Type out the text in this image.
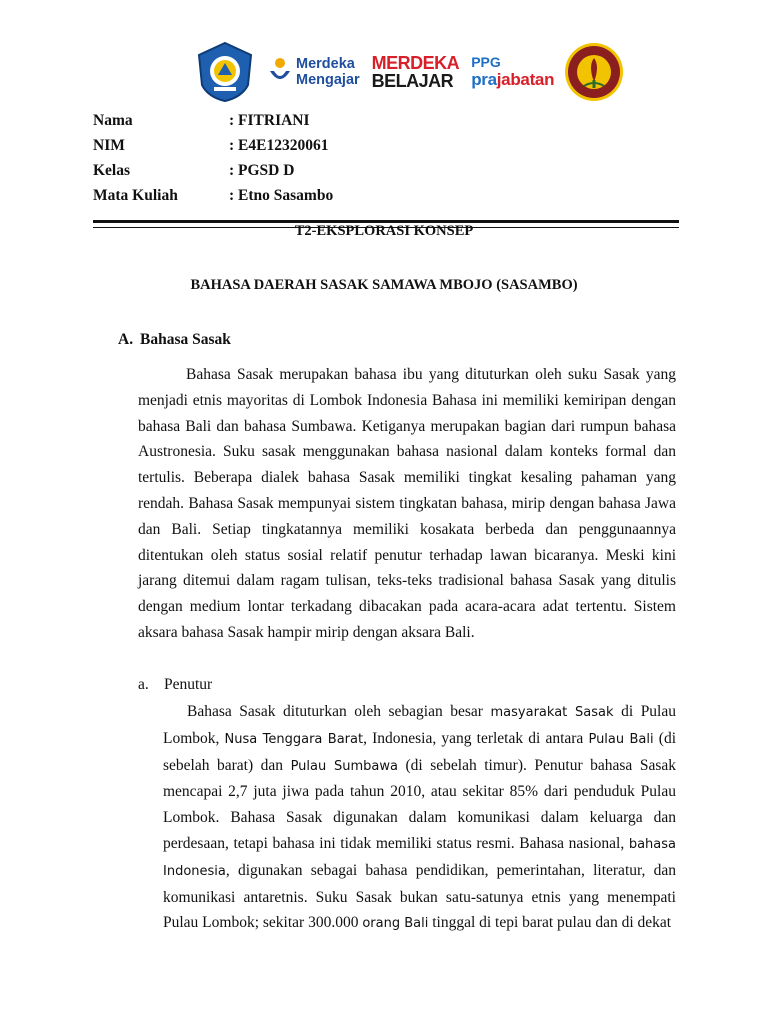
Merdeka
Mengajar
MERDEKA
BELAJAR
PPG
prajabatan
Nama	: FITRIANI
NIM	: E4E12320061
Kelas	: PGSD D
Mata Kuliah	: Etno Sasambo
T2-EKSPLORASI KONSEP
BAHASA DAERAH SASAK SAMAWA MBOJO (SASAMBO)
A. Bahasa Sasak

Bahasa Sasak merupakan bahasa ibu yang dituturkan oleh suku Sasak yang menjadi etnis mayoritas di Lombok Indonesia Bahasa ini memiliki kemiripan dengan bahasa Bali dan bahasa Sumbawa. Ketiganya merupakan bagian dari rumpun bahasa Austronesia. Suku sasak menggunakan bahasa nasional dalam konteks formal dan tertulis. Beberapa dialek bahasa Sasak memiliki tingkat kesaling pahaman yang rendah. Bahasa Sasak mempunyai sistem tingkatan bahasa, mirip dengan bahasa Jawa dan Bali. Setiap tingkatannya memiliki kosakata berbeda dan penggunaannya ditentukan oleh status sosial relatif penutur terhadap lawan bicaranya. Meski kini jarang ditemui dalam ragam tulisan, teks-teks tradisional bahasa Sasak yang ditulis dengan medium lontar terkadang dibacakan pada acara-acara adat tertentu. Sistem aksara bahasa Sasak hampir mirip dengan aksara Bali.

a. Penutur

Bahasa Sasak dituturkan oleh sebagian besar masyarakat Sasak di Pulau Lombok, Nusa Tenggara Barat, Indonesia, yang terletak di antara Pulau Bali (di sebelah barat) dan Pulau Sumbawa (di sebelah timur). Penutur bahasa Sasak mencapai 2,7 juta jiwa pada tahun 2010, atau sekitar 85% dari penduduk Pulau Lombok. Bahasa Sasak digunakan dalam komunikasi dalam keluarga dan perdesaan, tetapi bahasa ini tidak memiliki status resmi. Bahasa nasional, bahasa Indonesia, digunakan sebagai bahasa pendidikan, pemerintahan, literatur, dan komunikasi antaretnis. Suku Sasak bukan satu-satunya etnis yang menempati Pulau Lombok; sekitar 300.000 orang Bali tinggal di tepi barat pulau dan di dekat
